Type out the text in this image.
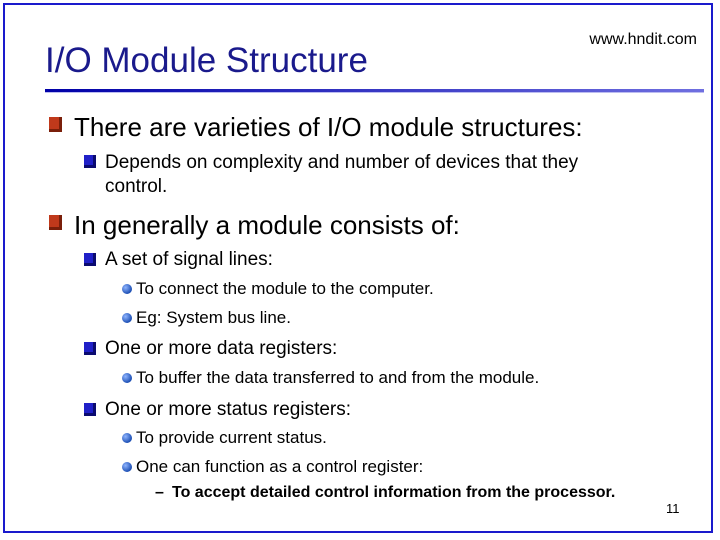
I/O Module Structure
www.hndit.com
There are varieties of I/O module structures:
Depends on complexity and number of devices that they
control.
In generally a module consists of:
A set of signal lines:
To connect the module to the computer.
Eg: System bus line.
One or more data registers:
To buffer the data transferred to and from the module.
One or more status registers:
To provide current status.
One can function as a control register:
– To accept detailed control information from the processor.
11
